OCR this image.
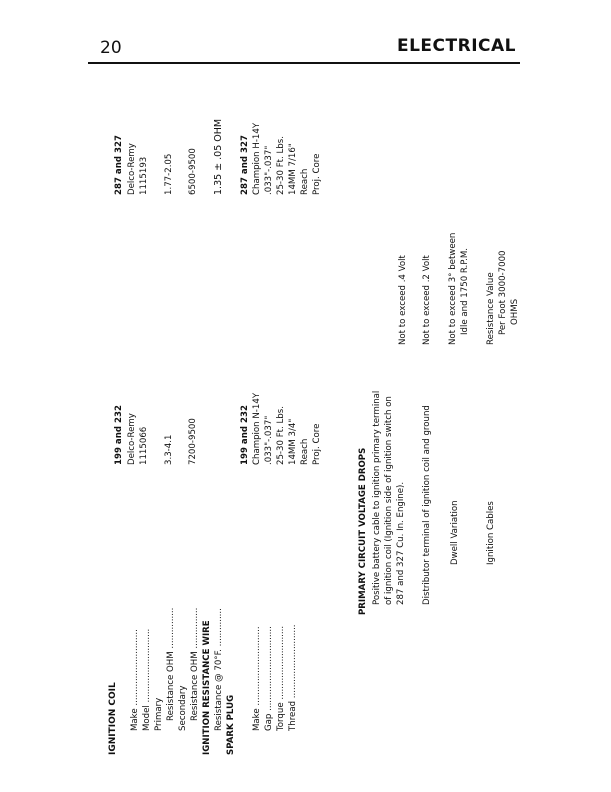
20	ELECTRICAL
IGNITION COIL
199 and 232
287 and 327
Make ............................
Delco-Remy
Delco-Remy
Model ...........................
1115066
1115193
Primary Resistance OHM ...............
3.3-4.1
1.77-2.05
Secondary Resistance OHM ...............
7200-9500
6500-9500
IGNITION RESISTANCE WIRE Resistance @ 70°F. ..............
1.35 ± .05 OHM
SPARK PLUG
199 and 232
287 and 327
Make ............................. Gap ............................... Torque ........................... Thread ...........................
Champion N-14Y .033"-.037" 25-30 Ft. Lbs. 14MM 3/4" Reach Proj. Core
Champion H-14Y .033"-.037" 25-30 Ft. Lbs. 14MM 7/16" Reach Proj. Core
PRIMARY CIRCUIT VOLTAGE DROPS Positive battery cable to ignition primary terminal of ignition coil (Ignition side of ignition switch on 287 and 327 Cu. In. Engine).
Not to exceed .4 Volt
Distributor terminal of ignition coil and ground
Not to exceed .2 Volt
Dwell Variation
Not to exceed 3° between Idle and 1750 R.P.M.
Ignition Cables
Resistance Value Per Foot 3000-7000 OHMS
